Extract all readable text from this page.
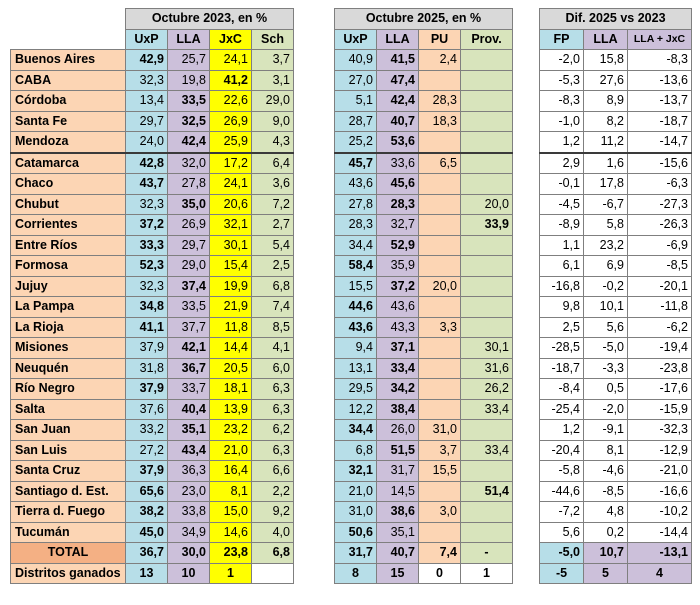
	Octubre 2023, en %			
	UxP	LLA	JxC	Sch
Buenos Aires	42,9	25,7	24,1	3,7
CABA	32,3	19,8	41,2	3,1
Córdoba	13,4	33,5	22,6	29,0
Santa Fe	29,7	32,5	26,9	9,0
Mendoza	24,0	42,4	25,9	4,3
Catamarca	42,8	32,0	17,2	6,4
Chaco	43,7	27,8	24,1	3,6
Chubut	32,3	35,0	20,6	7,2
Corrientes	37,2	26,9	32,1	2,7
Entre Ríos	33,3	29,7	30,1	5,4
Formosa	52,3	29,0	15,4	2,5
Jujuy	32,3	37,4	19,9	6,8
La Pampa	34,8	33,5	21,9	7,4
La Rioja	41,1	37,7	11,8	8,5
Misiones	37,9	42,1	14,4	4,1
Neuquén	31,8	36,7	20,5	6,0
Río Negro	37,9	33,7	18,1	6,3
Salta	37,6	40,4	13,9	6,3
San Juan	33,2	35,1	23,2	6,2
San Luis	27,2	43,4	21,0	6,3
Santa Cruz	37,9	36,3	16,4	6,6
Santiago d. Est.	65,6	23,0	8,1	2,2
Tierra d. Fuego	38,2	33,8	15,0	9,2
Tucumán	45,0	34,9	14,6	4,0
TOTAL	36,7	30,0	23,8	6,8
Distritos ganados	13	10	1	
Octubre 2025, en %			
UxP	LLA	PU	Prov.
40,9	41,5	2,4	
27,0	47,4		
5,1	42,4	28,3	
28,7	40,7	18,3	
25,2	53,6		
45,7	33,6	6,5	
43,6	45,6		
27,8	28,3		20,0
28,3	32,7		33,9
34,4	52,9		
58,4	35,9		
15,5	37,2	20,0	
44,6	43,6		
43,6	43,3	3,3	
9,4	37,1		30,1
13,1	33,4		31,6
29,5	34,2		26,2
12,2	38,4		33,4
34,4	26,0	31,0	
6,8	51,5	3,7	33,4
32,1	31,7	15,5	
21,0	14,5		51,4
31,0	38,6	3,0	
50,6	35,1		
31,7	40,7	7,4	-
8	15	0	1
Dif. 2025 vs 2023		
FP	LLA	LLA + JxC
-2,0	15,8	-8,3
-5,3	27,6	-13,6
-8,3	8,9	-13,7
-1,0	8,2	-18,7
1,2	11,2	-14,7
2,9	1,6	-15,6
-0,1	17,8	-6,3
-4,5	-6,7	-27,3
-8,9	5,8	-26,3
1,1	23,2	-6,9
6,1	6,9	-8,5
-16,8	-0,2	-20,1
9,8	10,1	-11,8
2,5	5,6	-6,2
-28,5	-5,0	-19,4
-18,7	-3,3	-23,8
-8,4	0,5	-17,6
-25,4	-2,0	-15,9
1,2	-9,1	-32,3
-20,4	8,1	-12,9
-5,8	-4,6	-21,0
-44,6	-8,5	-16,6
-7,2	4,8	-10,2
5,6	0,2	-14,4
-5,0	10,7	-13,1
-5	5	4
